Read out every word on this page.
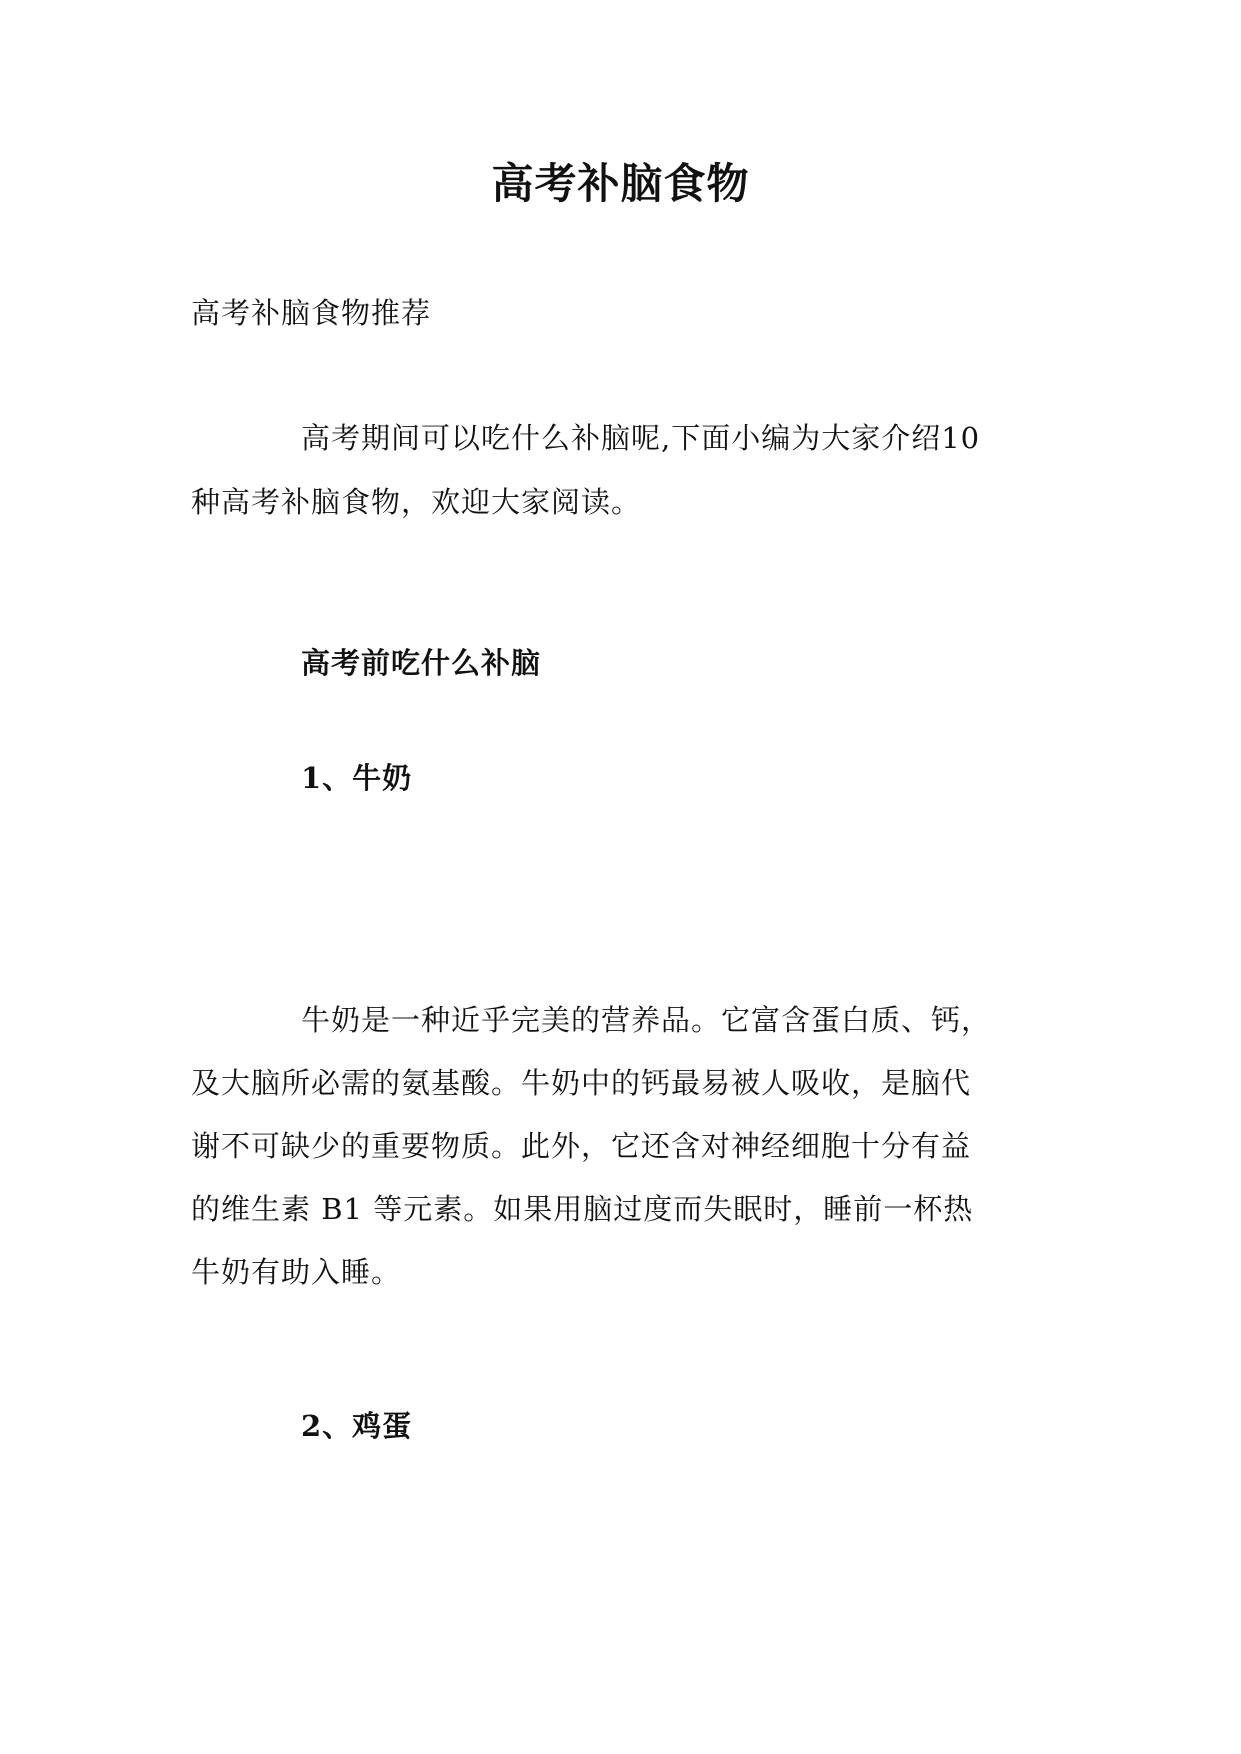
高考补脑食物

高考补脑食物推荐

高考期间可以吃什么补脑呢,下面小编为大家介绍10
种高考补脑食物，欢迎大家阅读。

高考前吃什么补脑
1、牛奶

牛奶是一种近乎完美的营养品。它富含蛋白质、钙，
及大脑所必需的氨基酸。牛奶中的钙最易被人吸收，是脑代
谢不可缺少的重要物质。此外，它还含对神经细胞十分有益
的维生素 B1 等元素。如果用脑过度而失眠时，睡前一杯热
牛奶有助入睡。

2、鸡蛋
